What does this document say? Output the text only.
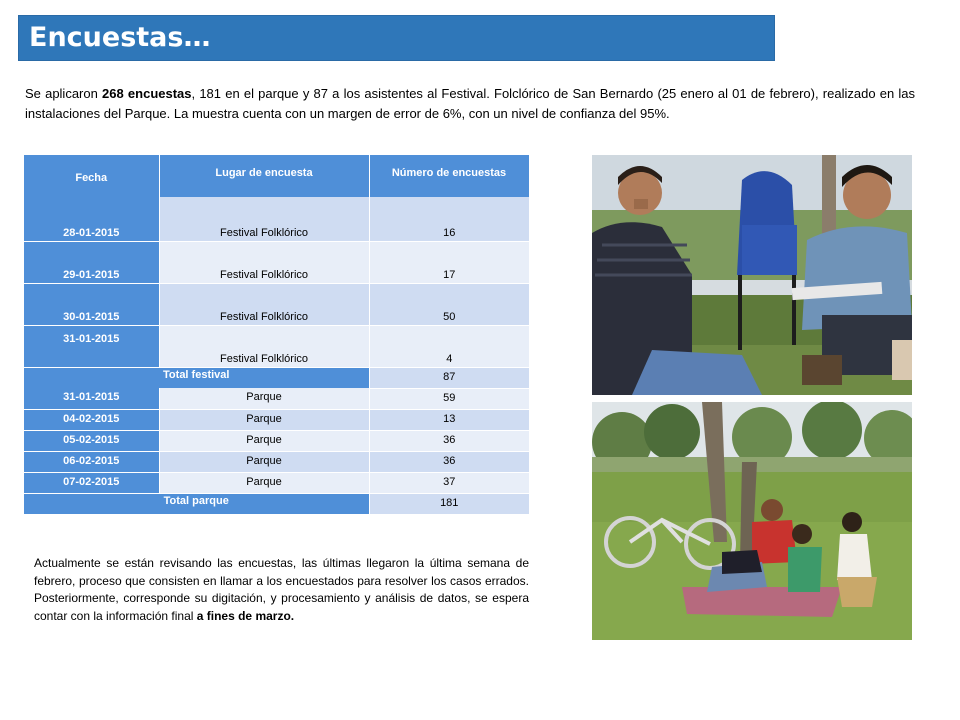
Encuestas…

Se aplicaron 268 encuestas, 181 en el parque y 87 a los asistentes al Festival. Folclórico de San Bernardo (25 enero al 01 de febrero), realizado en las instalaciones del Parque. La muestra cuenta con un margen de error de 6%, con un nivel de confianza del 95%.

Fecha	Lugar de encuesta	Número de encuestas
28-01-2015	Festival Folklórico	16
29-01-2015	Festival Folklórico	17
30-01-2015	Festival Folklórico	50
31-01-2015	Festival Folklórico	4
Total festival		87
31-01-2015	Parque	59
04-02-2015	Parque	13
05-02-2015	Parque	36
06-02-2015	Parque	36
07-02-2015	Parque	37
Total parque		181

Actualmente se están revisando las encuestas, las últimas llegaron la última semana de febrero, proceso que consisten en llamar a los encuestados para resolver los casos errados. Posteriormente, corresponde su digitación, y procesamiento y análisis de datos, se espera contar con la información final a fines de marzo.
